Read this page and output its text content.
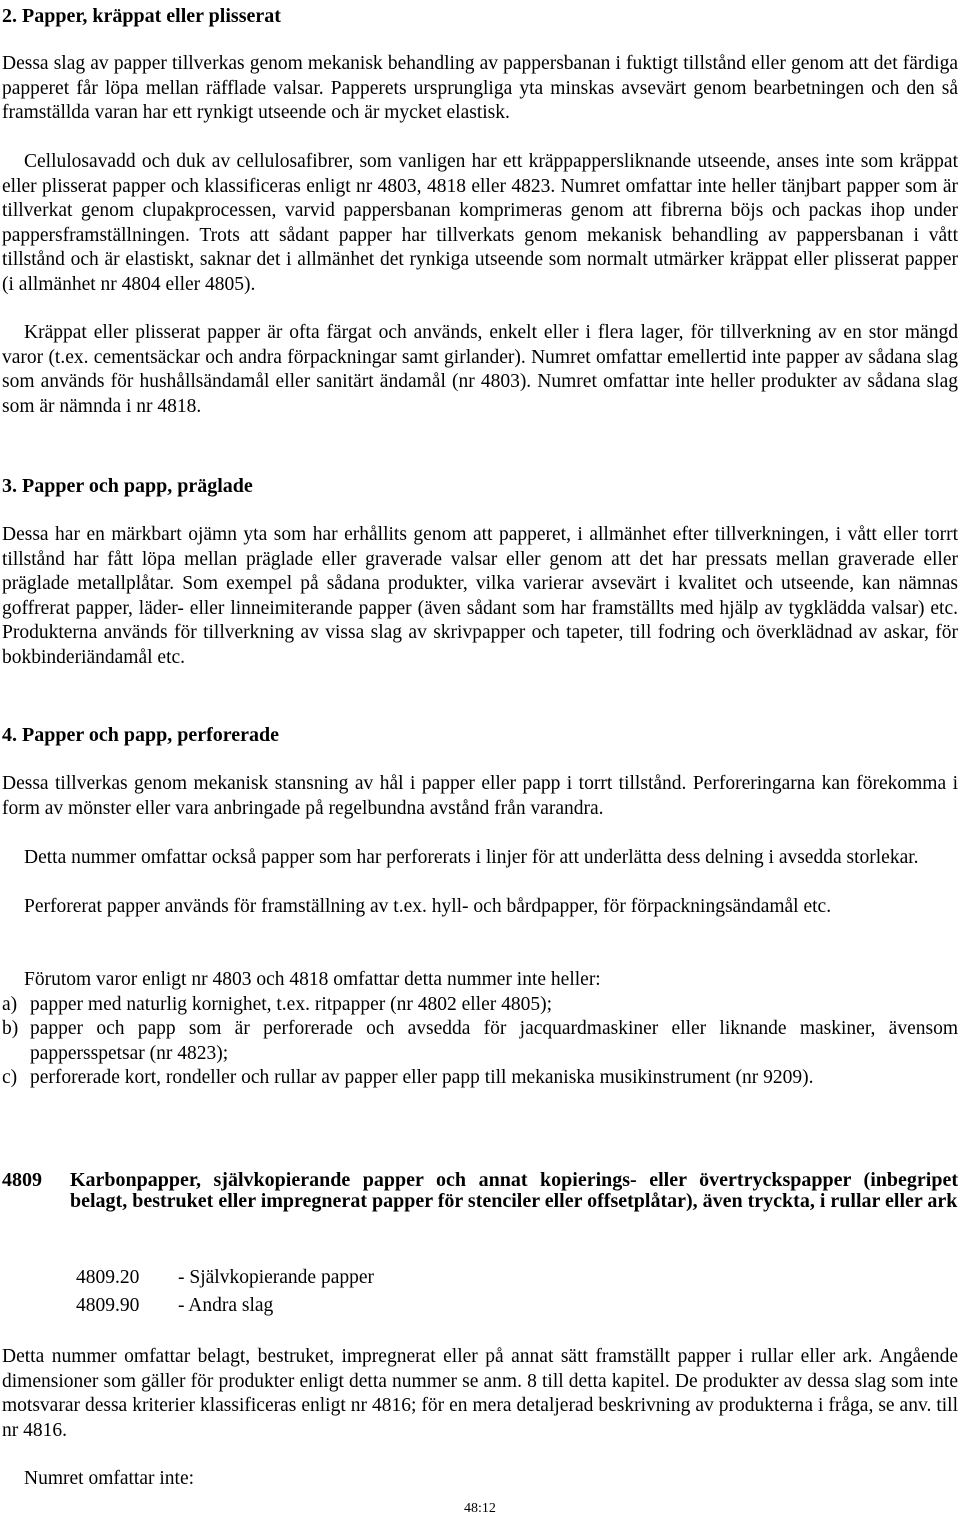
2. Papper, kräppat eller plisserat

Dessa slag av papper tillverkas genom mekanisk behandling av pappersbanan i fuktigt tillstånd eller genom att det färdiga papperet får löpa mellan räfflade valsar. Papperets ursprungliga yta minskas avsevärt genom bearbetningen och den så framställda varan har ett rynkigt utseende och är mycket elastisk.

Cellulosavadd och duk av cellulosafibrer, som vanligen har ett kräppappersliknande utseende, anses inte som kräppat eller plisserat papper och klassificeras enligt nr 4803, 4818 eller 4823. Numret omfattar inte heller tänjbart papper som är tillverkat genom clupakprocessen, varvid pappersbanan komprimeras genom att fibrerna böjs och packas ihop under pappersframställningen. Trots att sådant papper har tillverkats genom mekanisk behandling av pappersbanan i vått tillstånd och är elastiskt, saknar det i allmänhet det rynkiga utseende som normalt utmärker kräppat eller plisserat papper (i allmänhet nr 4804 eller 4805).

Kräppat eller plisserat papper är ofta färgat och används, enkelt eller i flera lager, för tillverkning av en stor mängd varor (t.ex. cementsäckar och andra förpackningar samt girlander). Numret omfattar emellertid inte papper av sådana slag som används för hushållsändamål eller sanitärt ändamål (nr 4803). Numret omfattar inte heller produkter av sådana slag som är nämnda i nr 4818.

3. Papper och papp, präglade

Dessa har en märkbart ojämn yta som har erhållits genom att papperet, i allmänhet efter tillverkningen, i vått eller torrt tillstånd har fått löpa mellan präglade eller graverade valsar eller genom att det har pressats mellan graverade eller präglade metallplåtar. Som exempel på sådana produkter, vilka varierar avsevärt i kvalitet och utseende, kan nämnas goffrerat papper, läder- eller linneimiterande papper (även sådant som har framställts med hjälp av tygklädda valsar) etc. Produkterna används för tillverkning av vissa slag av skrivpapper och tapeter, till fodring och överklädnad av askar, för bokbinderiändamål etc.

4. Papper och papp, perforerade

Dessa tillverkas genom mekanisk stansning av hål i papper eller papp i torrt tillstånd. Perforeringarna kan förekomma i form av mönster eller vara anbringade på regelbundna avstånd från varandra.

Detta nummer omfattar också papper som har perforerats i linjer för att underlätta dess delning i avsedda storlekar.

Perforerat papper används för framställning av t.ex. hyll- och bårdpapper, för förpackningsändamål etc.

Förutom varor enligt nr 4803 och 4818 omfattar detta nummer inte heller:

a) papper med naturlig kornighet, t.ex. ritpapper (nr 4802 eller 4805);
b) papper och papp som är perforerade och avsedda för jacquardmaskiner eller liknande maskiner, ävensom pappersspetsar (nr 4823);
c) perforerade kort, rondeller och rullar av papper eller papp till mekaniska musikinstrument (nr 9209).
4809 Karbonpapper, självkopierande papper och annat kopierings- eller övertryckspapper (inbegripet belagt, bestruket eller impregnerat papper för stenciler eller offsetplåtar), även tryckta, i rullar eller ark
4809.20 - Självkopierande papper
4809.90 - Andra slag

Detta nummer omfattar belagt, bestruket, impregnerat eller på annat sätt framställt papper i rullar eller ark. Angående dimensioner som gäller för produkter enligt detta nummer se anm. 8 till detta kapitel. De produkter av dessa slag som inte motsvarar dessa kriterier klassificeras enligt nr 4816; för en mera detaljerad beskrivning av produkterna i fråga, se anv. till nr 4816.

Numret omfattar inte:

48:12
